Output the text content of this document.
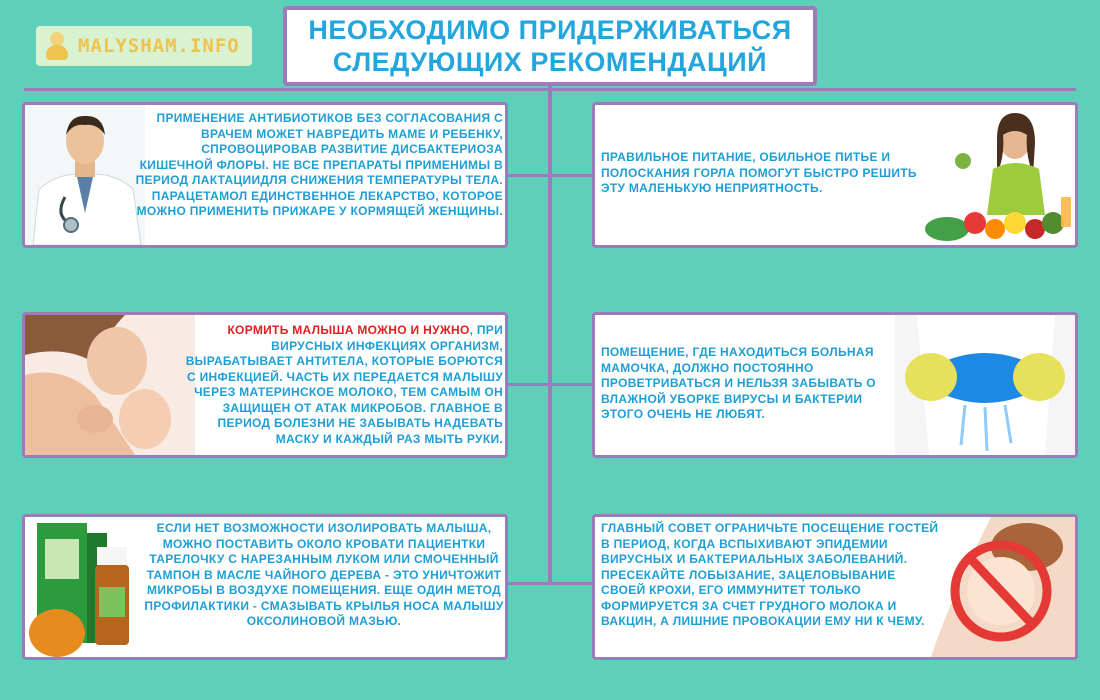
MALYSHAM.INFO
НЕОБХОДИМО ПРИДЕРЖИВАТЬСЯ
СЛЕДУЮЩИХ РЕКОМЕНДАЦИЙ
ПРИМЕНЕНИЕ АНТИБИОТИКОВ БЕЗ СОГЛАСОВАНИЯ С ВРАЧЕМ МОЖЕТ НАВРЕДИТЬ МАМЕ И РЕБЕНКУ, СПРОВОЦИРОВАВ РАЗВИТИЕ ДИСБАКТЕРИОЗА КИШЕЧНОЙ ФЛОРЫ. НЕ ВСЕ ПРЕПАРАТЫ ПРИМЕНИМЫ В ПЕРИОД ЛАКТАЦИИДЛЯ СНИЖЕНИЯ ТЕМПЕРАТУРЫ ТЕЛА. ПАРАЦЕТАМОЛ ЕДИНСТВЕННОЕ ЛЕКАРСТВО, КОТОРОЕ МОЖНО ПРИМЕНИТЬ ПРИЖАРЕ У КОРМЯЩЕЙ ЖЕНЩИНЫ.
ПРАВИЛЬНОЕ ПИТАНИЕ, ОБИЛЬНОЕ ПИТЬЕ И ПОЛОСКАНИЯ ГОРЛА ПОМОГУТ БЫСТРО РЕШИТЬ ЭТУ МАЛЕНЬКУЮ НЕПРИЯТНОСТЬ.
КОРМИТЬ МАЛЫША МОЖНО И НУЖНО, ПРИ ВИРУСНЫХ ИНФЕКЦИЯХ ОРГАНИЗМ, ВЫРАБАТЫВАЕТ АНТИТЕЛА, КОТОРЫЕ БОРЮТСЯ С ИНФЕКЦИЕЙ. ЧАСТЬ ИХ ПЕРЕДАЕТСЯ МАЛЫШУ ЧЕРЕЗ МАТЕРИНСКОЕ МОЛОКО, ТЕМ САМЫМ ОН ЗАЩИЩЕН ОТ АТАК МИКРОБОВ. ГЛАВНОЕ В ПЕРИОД БОЛЕЗНИ НЕ ЗАБЫВАТЬ НАДЕВАТЬ МАСКУ И КАЖДЫЙ РАЗ МЫТЬ РУКИ.
ПОМЕЩЕНИЕ, ГДЕ НАХОДИТЬСЯ БОЛЬНАЯ МАМОЧКА, ДОЛЖНО ПОСТОЯННО ПРОВЕТРИВАТЬСЯ И НЕЛЬЗЯ ЗАБЫВАТЬ О ВЛАЖНОЙ УБОРКЕ ВИРУСЫ И БАКТЕРИИ ЭТОГО ОЧЕНЬ НЕ ЛЮБЯТ.
ЕСЛИ НЕТ ВОЗМОЖНОСТИ ИЗОЛИРОВАТЬ МАЛЫША, МОЖНО ПОСТАВИТЬ ОКОЛО КРОВАТИ ПАЦИЕНТКИ ТАРЕЛОЧКУ С НАРЕЗАННЫМ ЛУКОМ ИЛИ СМОЧЕННЫЙ ТАМПОН В МАСЛЕ ЧАЙНОГО ДЕРЕВА - ЭТО УНИЧТОЖИТ МИКРОБЫ В ВОЗДУХЕ ПОМЕЩЕНИЯ. ЕЩЕ ОДИН МЕТОД ПРОФИЛАКТИКИ - СМАЗЫВАТЬ КРЫЛЬЯ НОСА МАЛЫШУ ОКСОЛИНОВОЙ МАЗЬЮ.
ГЛАВНЫЙ СОВЕТ ОГРАНИЧЬТЕ ПОСЕЩЕНИЕ ГОСТЕЙ В ПЕРИОД, КОГДА ВСПЫХИВАЮТ ЭПИДЕМИИ ВИРУСНЫХ И БАКТЕРИАЛЬНЫХ ЗАБОЛЕВАНИЙ. ПРЕСЕКАЙТЕ ЛОБЫЗАНИЕ, ЗАЦЕЛОВЫВАНИЕ СВОЕЙ КРОХИ, ЕГО ИММУНИТЕТ ТОЛЬКО ФОРМИРУЕТСЯ ЗА СЧЕТ ГРУДНОГО МОЛОКА И ВАКЦИН, А ЛИШНИЕ ПРОВОКАЦИИ ЕМУ НИ К ЧЕМУ.
